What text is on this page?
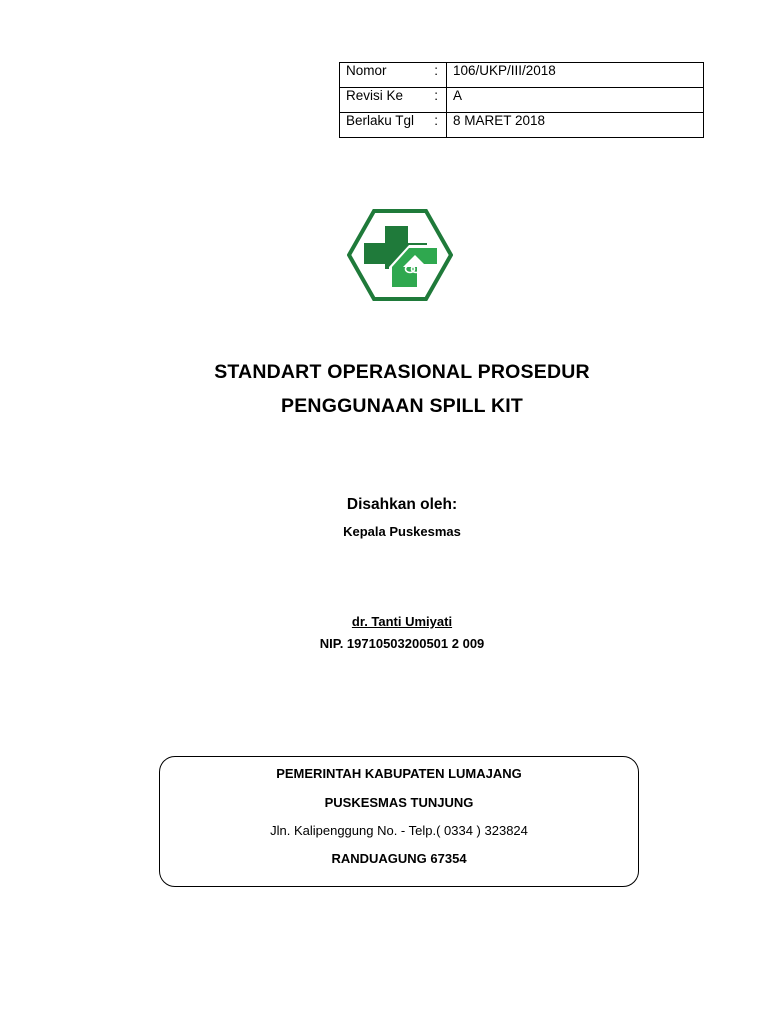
Nomor :	106/UKP/III/2018
Revisi Ke :	A
Berlaku Tgl :	8 MARET 2018
STANDART OPERASIONAL PROSEDUR
PENGGUNAAN SPILL KIT
Disahkan oleh:
Kepala Puskesmas
dr. Tanti Umiyati
NIP. 19710503200501 2 009
PEMERINTAH KABUPATEN LUMAJANG
PUSKESMAS TUNJUNG
Jln. Kalipenggung No. - Telp.( 0334 ) 323824
RANDUAGUNG 67354
